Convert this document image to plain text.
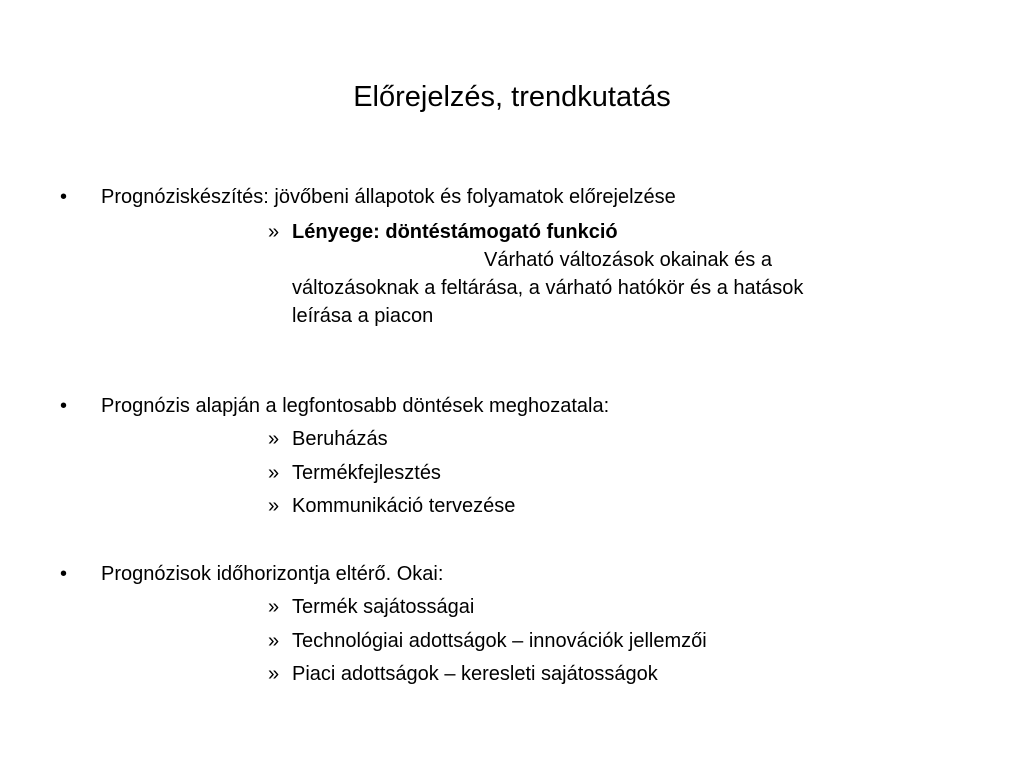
Előrejelzés, trendkutatás
•	Prognóziskészítés: jövőbeni állapotok és folyamatok előrejelzése
» Lényege: döntéstámogató funkció
Várható változások okainak és a
változásoknak a feltárása, a várható hatókör és a hatások
leírása a piacon
•	Prognózis alapján a legfontosabb döntések meghozatala:
» Beruházás
» Termékfejlesztés
» Kommunikáció tervezése
•	Prognózisok időhorizontja eltérő. Okai:
» Termék sajátosságai
» Technológiai adottságok – innovációk jellemzői
» Piaci adottságok – keresleti sajátosságok
